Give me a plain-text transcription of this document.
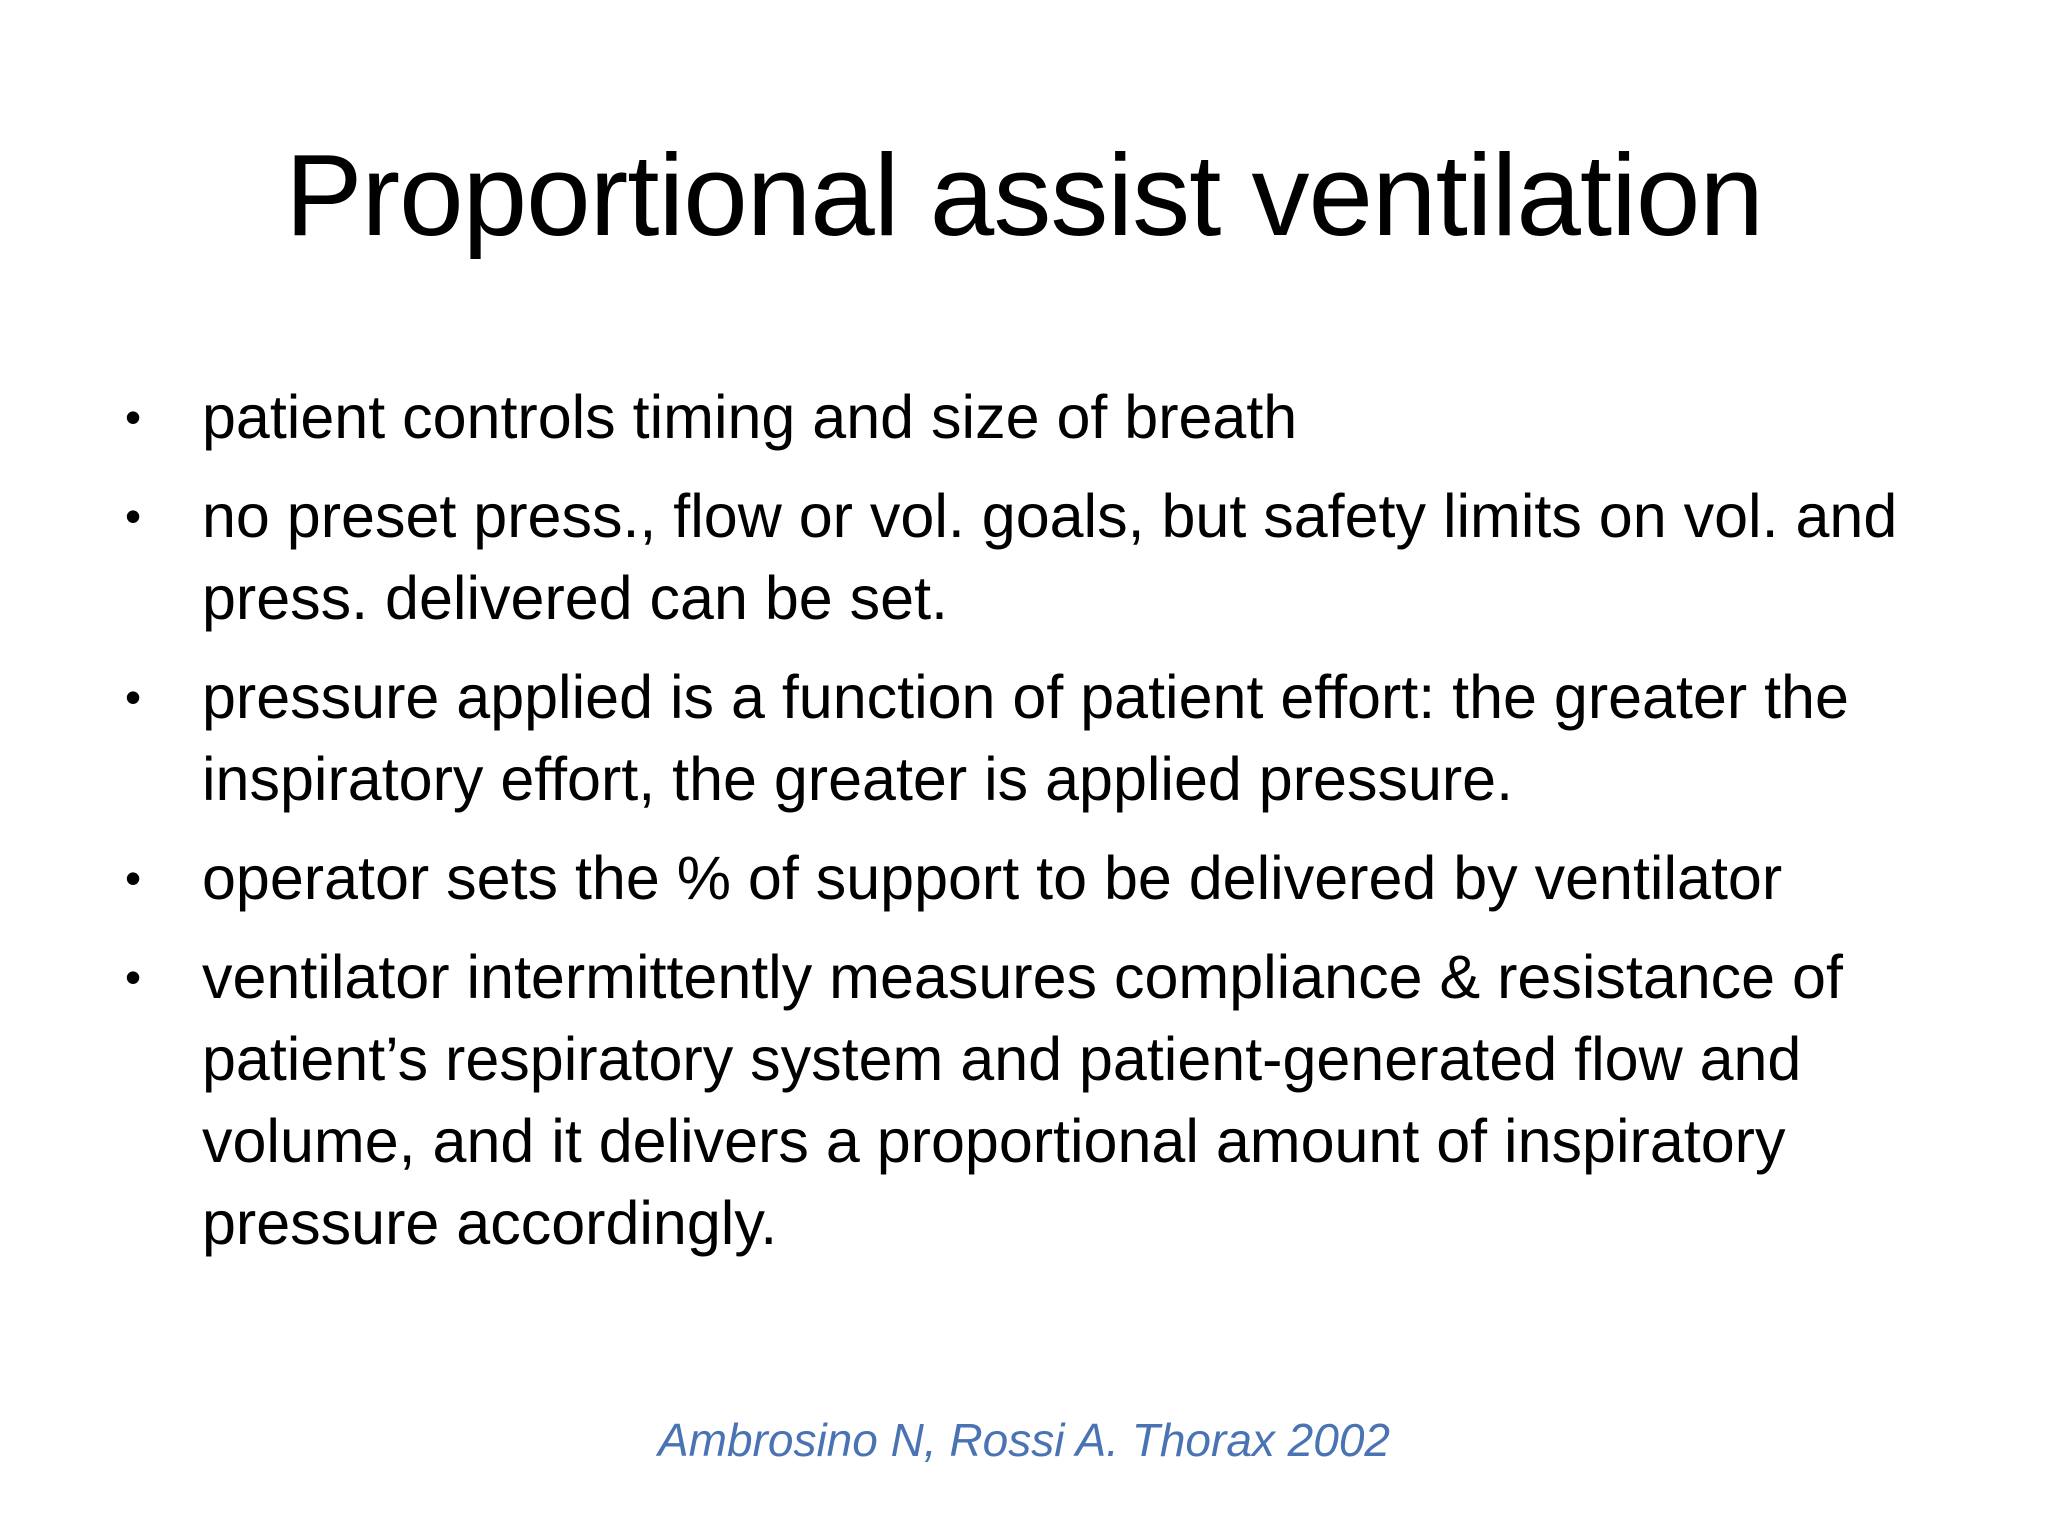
Proportional assist ventilation
• patient controls timing and size of breath
• no preset press., flow or vol. goals, but safety limits on vol. and press. delivered can be set.
• pressure applied is a function of patient effort: the greater the inspiratory effort, the greater is applied pressure.
• operator sets the % of support to be delivered by ventilator
• ventilator intermittently measures compliance & resistance of patient’s respiratory system and patient-generated flow and volume, and it delivers a proportional amount of inspiratory pressure accordingly.
Ambrosino N, Rossi A. Thorax 2002
